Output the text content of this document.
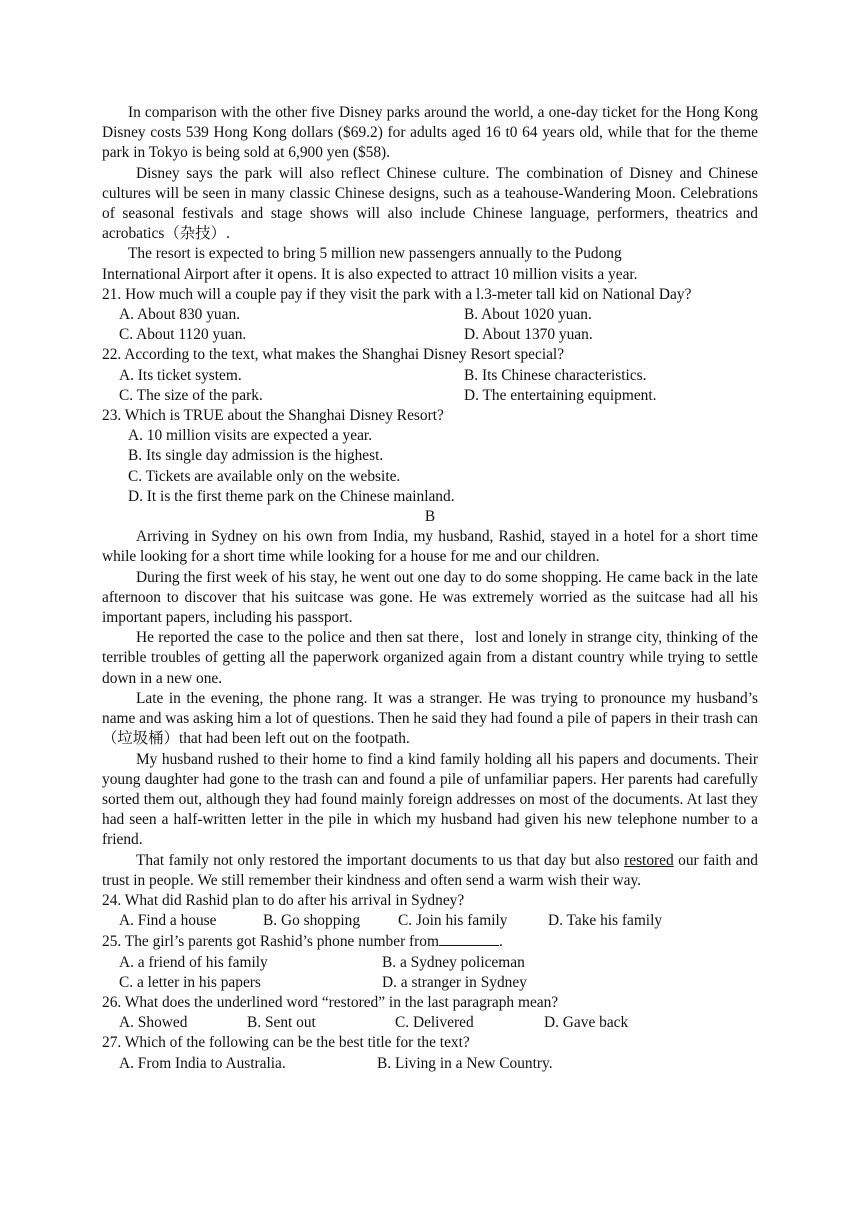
In comparison with the other five Disney parks around the world, a one-day ticket for the Hong Kong Disney costs 539 Hong Kong dollars ($69.2) for adults aged 16 t0 64 years old, while that for the theme park in Tokyo is being sold at 6,900 yen ($58).

Disney says the park will also reflect Chinese culture. The combination of Disney and Chinese cultures will be seen in many classic Chinese designs, such as a teahouse-Wandering Moon. Celebrations of seasonal festivals and stage shows will also include Chinese language, performers, theatrics and acrobatics（杂技）.

The resort is expected to bring 5 million new passengers annually to the Pudong

International Airport after it opens. It is also expected to attract 10 million visits a year.

21. How much will a couple pay if they visit the park with a l.3-meter tall kid on National Day?

A. About 830 yuan.	B. About 1020 yuan.
C. About 1120 yuan.	D. About 1370 yuan.

22. According to the text, what makes the Shanghai Disney Resort special?

A. Its ticket system.	B. Its Chinese characteristics.
C. The size of the park.	D. The entertaining equipment.

23. Which is TRUE about the Shanghai Disney Resort?

A. 10 million visits are expected a year.

B. Its single day admission is the highest.

C. Tickets are available only on the website.

D. It is the first theme park on the Chinese mainland.

B

Arriving in Sydney on his own from India, my husband, Rashid, stayed in a hotel for a short time while looking for a short time while looking for a house for me and our children.

During the first week of his stay, he went out one day to do some shopping. He came back in the late afternoon to discover that his suitcase was gone. He was extremely worried as the suitcase had all his important papers, including his passport.

He reported the case to the police and then sat there，lost and lonely in strange city, thinking of the terrible troubles of getting all the paperwork organized again from a distant country while trying to settle down in a new one.

Late in the evening, the phone rang. It was a stranger. He was trying to pronounce my husband’s name and was asking him a lot of questions. Then he said they had found a pile of papers in their trash can（垃圾桶）that had been left out on the footpath.

My husband rushed to their home to find a kind family holding all his papers and documents. Their young daughter had gone to the trash can and found a pile of unfamiliar papers. Her parents had carefully sorted them out, although they had found mainly foreign addresses on most of the documents. At last they had seen a half-written letter in the pile in which my husband had given his new telephone number to a friend.

That family not only restored the important documents to us that day but also restored our faith and trust in people. We still remember their kindness and often send a warm wish their way.

24. What did Rashid plan to do after his arrival in Sydney?

A. Find a house	B. Go shopping	C. Join his family	D. Take his family

25. The girl’s parents got Rashid’s phone number from	.

A. a friend of his family	B. a Sydney policeman
C. a letter in his papers	D. a stranger in Sydney

26. What does the underlined word “restored” in the last paragraph mean?

A. Showed	B. Sent out	C. Delivered	D. Gave back

27. Which of the following can be the best title for the text?

A. From India to Australia.	B. Living in a New Country.
